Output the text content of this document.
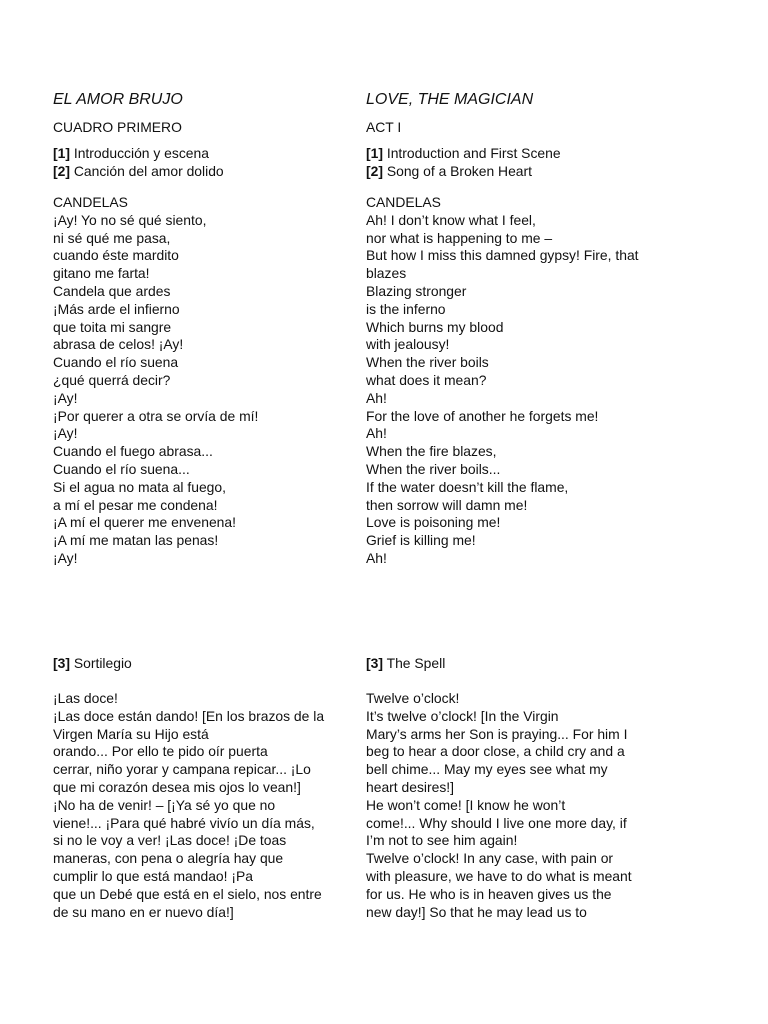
EL AMOR BRUJO

CUADRO PRIMERO

[1] Introducción y escena

[2] Canción del amor dolido

CANDELAS

¡Ay! Yo no sé qué siento,

ni sé qué me pasa,

cuando éste mardito

gitano me farta!

Candela que ardes

¡Más arde el infierno

que toita mi sangre

abrasa de celos! ¡Ay!

Cuando el río suena

¿qué querrá decir?

¡Ay!

¡Por querer a otra se orvía de mí!

¡Ay!

Cuando el fuego abrasa...

Cuando el río suena...

Si el agua no mata al fuego,

a mí el pesar me condena!

¡A mí el querer me envenena!

¡A mí me matan las penas!

¡Ay!

[3] Sortilegio

¡Las doce!

¡Las doce están dando! [En los brazos de la

Virgen María su Hijo está

orando... Por ello te pido oír puerta

cerrar, niño yorar y campana repicar... ¡Lo

que mi corazón desea mis ojos lo vean!]

¡No ha de venir! – [¡Ya sé yo que no

viene!... ¡Para qué habré vivío un día más,

si no le voy a ver! ¡Las doce! ¡De toas

maneras, con pena o alegría hay que

cumplir lo que está mandao! ¡Pa

que un Debé que está en el sielo, nos entre

de su mano en er nuevo día!]

LOVE, THE MAGICIAN

ACT I

[1] Introduction and First Scene

[2] Song of a Broken Heart

CANDELAS

Ah! I don’t know what I feel,

nor what is happening to me –

But how I miss this damned gypsy! Fire, that

blazes

Blazing stronger

is the inferno

Which burns my blood

with jealousy!

When the river boils

what does it mean?

Ah!

For the love of another he forgets me!

Ah!

When the fire blazes,

When the river boils...

If the water doesn’t kill the flame,

then sorrow will damn me!

Love is poisoning me!

Grief is killing me!

Ah!

[3] The Spell

Twelve o’clock!

It’s twelve o’clock! [In the Virgin

Mary’s arms her Son is praying... For him I

beg to hear a door close, a child cry and a

bell chime... May my eyes see what my

heart desires!]

He won’t come! [I know he won’t

come!... Why should I live one more day, if

I’m not to see him again!

Twelve o’clock! In any case, with pain or

with pleasure, we have to do what is meant

for us. He who is in heaven gives us the

new day!] So that he may lead us to
